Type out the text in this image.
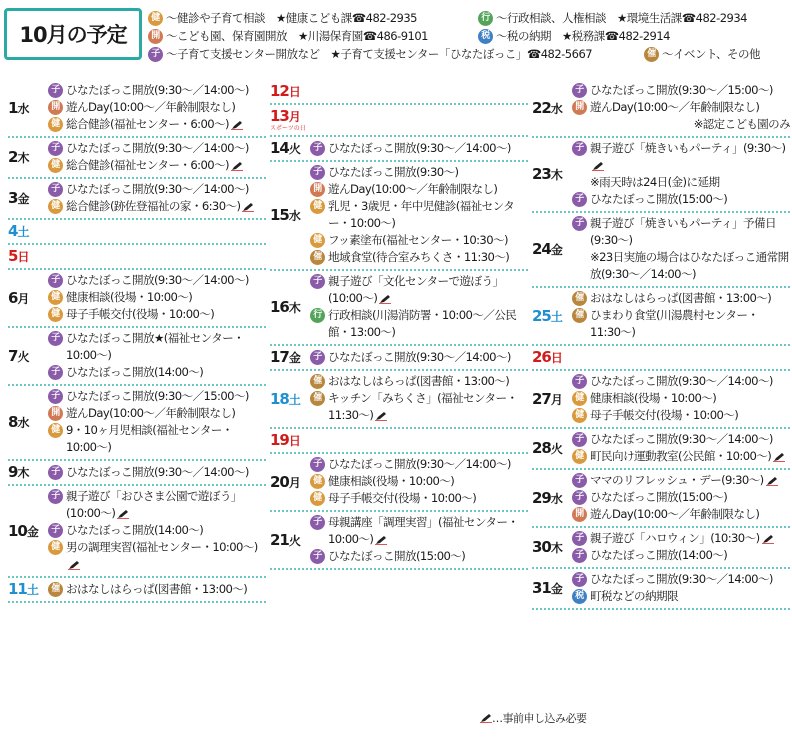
10月の予定
健 〜健診や子育て相談　★健康こども課☎482-2935
開 〜こども園、保育園開放　★川湯保育園☎486-9101
子 〜子育て支援センター開放など　★子育て支援センター「ひなたぼっこ」☎482-5667
行 〜行政相談、人権相談　★環境生活課☎482-2934
税 〜税の納期　★税務課☎482-2914
催 〜イベント、その他
1水
子 ひなたぼっこ開放(9:30〜／14:00〜)
開 遊んDay(10:00〜／年齢制限なし)
健 総合健診(福祉センター・6:00〜)
2木
子 ひなたぼっこ開放(9:30〜／14:00〜)
健 総合健診(福祉センター・6:00〜)
3金
子 ひなたぼっこ開放(9:30〜／14:00〜)
健 総合健診(跡佐登福祉の家・6:30〜)
4土
5日
6月
子 ひなたぼっこ開放(9:30〜／14:00〜)
健 健康相談(役場・10:00〜)
健 母子手帳交付(役場・10:00〜)
7火
子 ひなたぼっこ開放★(福祉センター・10:00〜)
子 ひなたぼっこ開放(14:00〜)
8水
子 ひなたぼっこ開放(9:30〜／15:00〜)
開 遊んDay(10:00〜／年齢制限なし)
健 9・10ヶ月児相談(福祉センター・10:00〜)
9木	子 ひなたぼっこ開放(9:30〜／14:00〜)
10金
子 親子遊び「おひさま公園で遊ぼう」(10:00〜)
子 ひなたぼっこ開放(14:00〜)
健 男の調理実習(福祉センター・10:00〜)
11土	催 おはなしはらっぱ(図書館・13:00〜)
12日
13月
スポーツの日
14火	子 ひなたぼっこ開放(9:30〜／14:00〜)
15水
子 ひなたぼっこ開放(9:30〜)
開 遊んDay(10:00〜／年齢制限なし)
健 乳児・3歳児・年中児健診(福祉センター・10:00〜)
健 フッ素塗布(福祉センター・10:30〜)
催 地域食堂(待合室みちくさ・11:30〜)
16木
子 親子遊び「文化センターで遊ぼう」(10:00〜)
行 行政相談(川湯消防署・10:00〜／公民館・13:00〜)
17金	子 ひなたぼっこ開放(9:30〜／14:00〜)
18土
催 おはなしはらっぱ(図書館・13:00〜)
催 キッチン「みちくさ」(福祉センター・11:30〜)
19日
20月
子 ひなたぼっこ開放(9:30〜／14:00〜)
健 健康相談(役場・10:00〜)
健 母子手帳交付(役場・10:00〜)
21火
子 母親講座「調理実習」(福祉センター・10:00〜)
子 ひなたぼっこ開放(15:00〜)
22水
子 ひなたぼっこ開放(9:30〜／15:00〜)
開 遊んDay(10:00〜／年齢制限なし)
※認定こども園のみ
23木
子 親子遊び「焼きいもパーティ」(9:30〜)
※雨天時は24日(金)に延期
子 ひなたぼっこ開放(15:00〜)
24金
子 親子遊び「焼きいもパーティ」予備日(9:30〜)
※23日実施の場合はひなたぼっこ通常開放(9:30〜／14:00〜)
25土
催 おはなしはらっぱ(図書館・13:00〜)
催 ひまわり食堂(川湯農村センター・11:30〜)
26日
27月
子 ひなたぼっこ開放(9:30〜／14:00〜)
健 健康相談(役場・10:00〜)
健 母子手帳交付(役場・10:00〜)
28火
子 ひなたぼっこ開放(9:30〜／14:00〜)
健 町民向け運動教室(公民館・10:00〜)
29水
子 ママのリフレッシュ・デー(9:30〜)
子 ひなたぼっこ開放(15:00〜)
開 遊んDay(10:00〜／年齢制限なし)
30木
子 親子遊び「ハロウィン」(10:30〜)
子 ひなたぼっこ開放(14:00〜)
31金
子 ひなたぼっこ開放(9:30〜／14:00〜)
税 町税などの納期限
…事前申し込み必要
